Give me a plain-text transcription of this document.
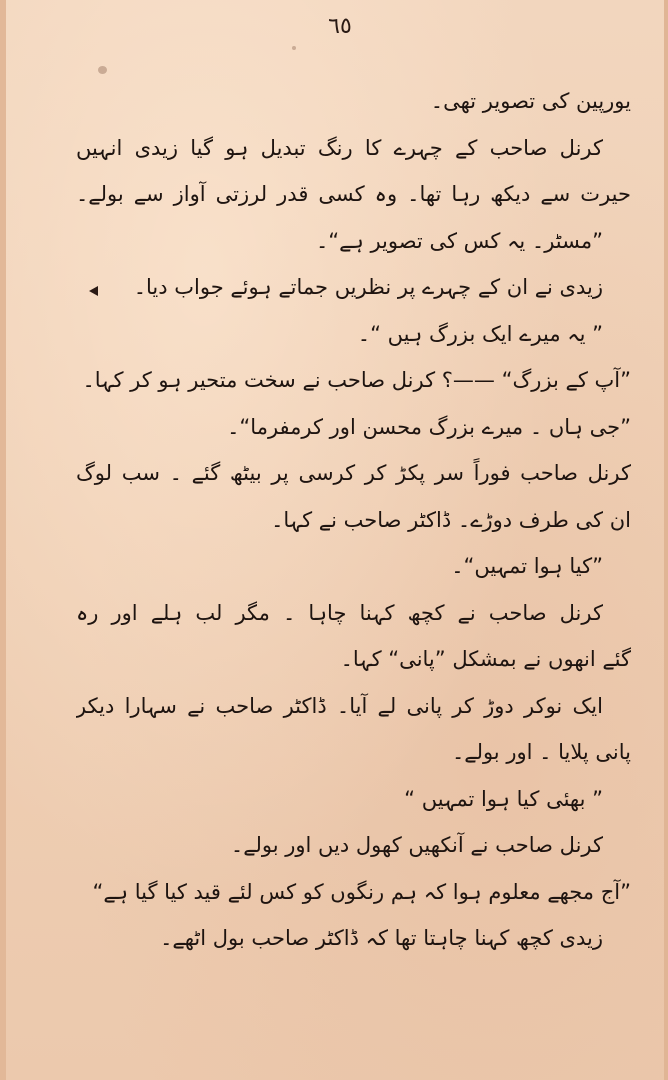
٦٥
یورپین کی تصویر تھی۔
کرنل صاحب کے چہرے کا رنگ تبدیل ہو گیا زیدی انہیں
حیرت سے دیکھ رہا تھا۔ وہ کسی قدر لرزتی آواز سے بولے۔
”مسٹر۔ یہ کس کی تصویر ہے“۔
زیدی نے ان کے چہرے پر نظریں جماتے ہوئے جواب دیا۔
” یہ میرے ایک بزرگ ہیں “۔
”آپ کے بزرگ“ ——؟ کرنل صاحب نے سخت متحیر ہو کر کہا۔
”جی ہاں ۔ میرے بزرگ محسن اور کرمفرما“۔
کرنل صاحب فوراً سر پکڑ کر کرسی پر بیٹھ گئے ۔ سب لوگ
ان کی طرف دوڑے۔ ڈاکٹر صاحب نے کہا۔
”کیا ہوا تمہیں“۔
کرنل صاحب نے کچھ کہنا چاہا ۔ مگر لب ہلے اور رہ
گئے انھوں نے بمشکل ”پانی“ کہا۔
ایک نوکر دوڑ کر پانی لے آیا۔ ڈاکٹر صاحب نے سہارا دیکر
پانی پلایا ۔ اور بولے۔
” بھئی کیا ہوا تمہیں “
کرنل صاحب نے آنکھیں کھول دیں اور بولے۔
”آج مجھے معلوم ہوا کہ ہم رنگوں کو کس لئے قید کیا گیا ہے“
زیدی کچھ کہنا چاہتا تھا کہ ڈاکٹر صاحب بول اٹھے۔
